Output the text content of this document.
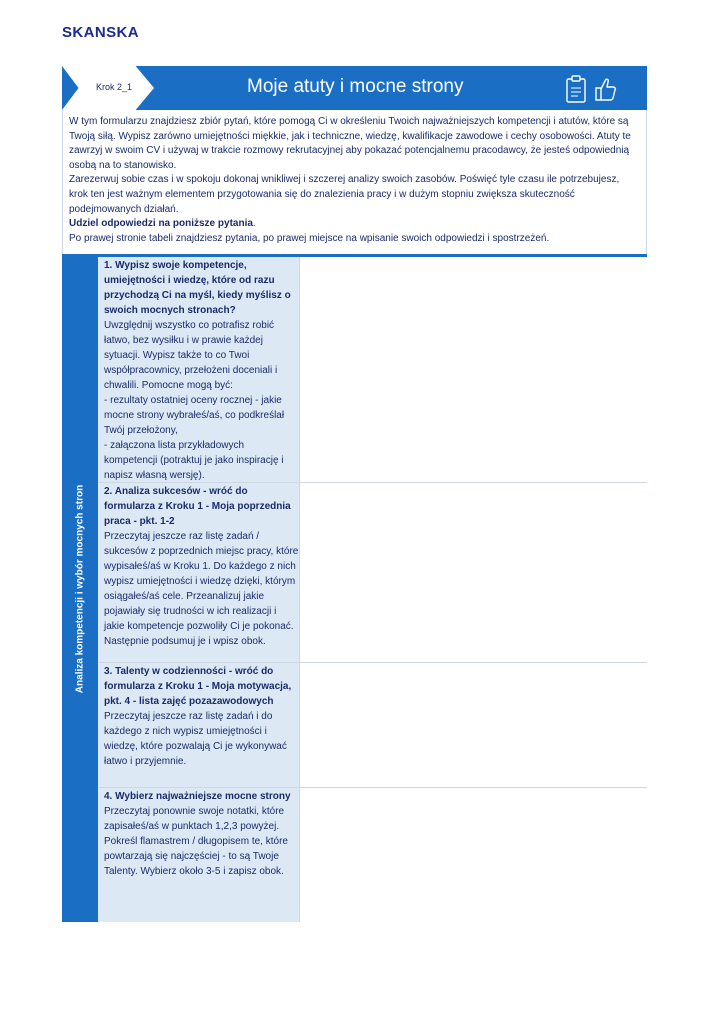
SKANSKA
Krok 2_1	Moje atuty i mocne strony

W tym formularzu znajdziesz zbiór pytań, które pomogą Ci w określeniu Twoich najważniejszych kompetencji i atutów, które są Twoją siłą. Wypisz zarówno umiejętności miękkie, jak i techniczne, wiedzę, kwalifikacje zawodowe i cechy osobowości. Atuty te zawrzyj w swoim CV i używaj w trakcie rozmowy rekrutacyjnej aby pokazać potencjalnemu pracodawcy, że jesteś odpowiednią osobą na to stanowisko.

Zarezerwuj sobie czas i w spokoju dokonaj wnikliwej i szczerej analizy swoich zasobów. Poświęć tyle czasu ile potrzebujesz, krok ten jest ważnym elementem przygotowania się do znalezienia pracy i w dużym stopniu zwiększa skuteczność podejmowanych działań.

Udziel odpowiedzi na poniższe pytania.

Po prawej stronie tabeli znajdziesz pytania, po prawej miejsce na wpisanie swoich odpowiedzi i spostrzeżeń.

Analiza kompetencji i wybór mocnych stron
1. Wypisz swoje kompetencje, umiejętności i wiedzę, które od razu przychodzą Ci na myśl, kiedy myślisz o swoich mocnych stronach?
Uwzględnij wszystko co potrafisz robić łatwo, bez wysiłku i w prawie każdej sytuacji. Wypisz także to co Twoi współpracownicy, przełożeni doceniali i chwalili. Pomocne mogą być:
- rezultaty ostatniej oceny rocznej - jakie mocne strony wybrałeś/aś, co podkreślał Twój przełożony,
- załączona lista przykładowych kompetencji (potraktuj je jako inspirację i napisz własną wersję).
2. Analiza sukcesów - wróć do formularza z Kroku 1 - Moja poprzednia praca - pkt. 1-2
Przeczytaj jeszcze raz listę zadań / sukcesów z poprzednich miejsc pracy, które wypisałeś/aś w Kroku 1. Do każdego z nich wypisz umiejętności i wiedzę dzięki, którym osiągałeś/aś cele. Przeanalizuj jakie pojawiały się trudności w ich realizacji i jakie kompetencje pozwoliły Ci je pokonać. Następnie podsumuj je i wpisz obok.
3. Talenty w codzienności - wróć do formularza z Kroku 1 - Moja motywacja, pkt. 4 - lista zajęć pozazawodowych
Przeczytaj jeszcze raz listę zadań i do każdego z nich wypisz umiejętności i wiedzę, które pozwalają Ci je wykonywać łatwo i przyjemnie.
4. Wybierz najważniejsze mocne strony
Przeczytaj ponownie swoje notatki, które zapisałeś/aś w punktach 1,2,3 powyżej. Pokreśl flamastrem / długopisem te, które powtarzają się najczęściej - to są Twoje Talenty. Wybierz około 3-5 i zapisz obok.
